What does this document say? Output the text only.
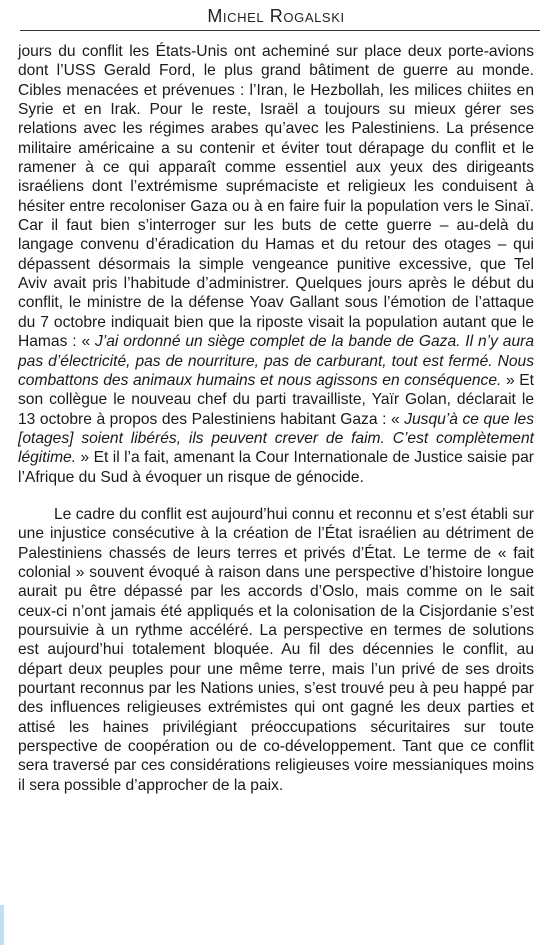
Michel Rogalski

jours du conflit les États-Unis ont acheminé sur place deux porte-avions dont l’USS Gerald Ford, le plus grand bâtiment de guerre au monde. Cibles menacées et prévenues : l’Iran, le Hezbollah, les milices chiites en Syrie et en Irak. Pour le reste, Israël a toujours su mieux gérer ses relations avec les régimes arabes qu’avec les Palestiniens. La présence militaire américaine a su contenir et éviter tout dérapage du conflit et le ramener à ce qui apparaît comme essentiel aux yeux des dirigeants israéliens dont l’extrémisme suprémaciste et religieux les conduisent à hésiter entre recoloniser Gaza ou à en faire fuir la population vers le Sinaï. Car il faut bien s’interroger sur les buts de cette guerre – au-delà du langage convenu d’éradication du Hamas et du retour des otages – qui dépassent désormais la simple vengeance punitive excessive, que Tel Aviv avait pris l’habitude d’administrer. Quelques jours après le début du conflit, le ministre de la défense Yoav Gallant sous l’émotion de l’attaque du 7 octobre indiquait bien que la riposte visait la population autant que le Hamas : « J’ai ordonné un siège complet de la bande de Gaza. Il n’y aura pas d’électricité, pas de nourriture, pas de carburant, tout est fermé. Nous combattons des animaux humains et nous agissons en conséquence. » Et son collègue le nouveau chef du parti travailliste, Yaïr Golan, déclarait le 13 octobre à propos des Palestiniens habitant Gaza : « Jusqu’à ce que les [otages] soient libérés, ils peuvent crever de faim. C’est complètement légitime. » Et il l’a fait, amenant la Cour Internationale de Justice saisie par l’Afrique du Sud à évoquer un risque de génocide.

Le cadre du conflit est aujourd’hui connu et reconnu et s’est établi sur une injustice consécutive à la création de l’État israélien au détriment de Palestiniens chassés de leurs terres et privés d’État. Le terme de « fait colonial » souvent évoqué à raison dans une perspective d’histoire longue aurait pu être dépassé par les accords d’Oslo, mais comme on le sait ceux-ci n’ont jamais été appliqués et la colonisation de la Cisjordanie s’est poursuivie à un rythme accéléré. La perspective en termes de solutions est aujourd’hui totalement bloquée. Au fil des décennies le conflit, au départ deux peuples pour une même terre, mais l’un privé de ses droits pourtant reconnus par les Nations unies, s’est trouvé peu à peu happé par des influences religieuses extrémistes qui ont gagné les deux parties et attisé les haines privilégiant préoccupations sécuritaires sur toute perspective de coopération ou de co-développement. Tant que ce conflit sera traversé par ces considérations religieuses voire messianiques moins il sera possible d’approcher de la paix.
